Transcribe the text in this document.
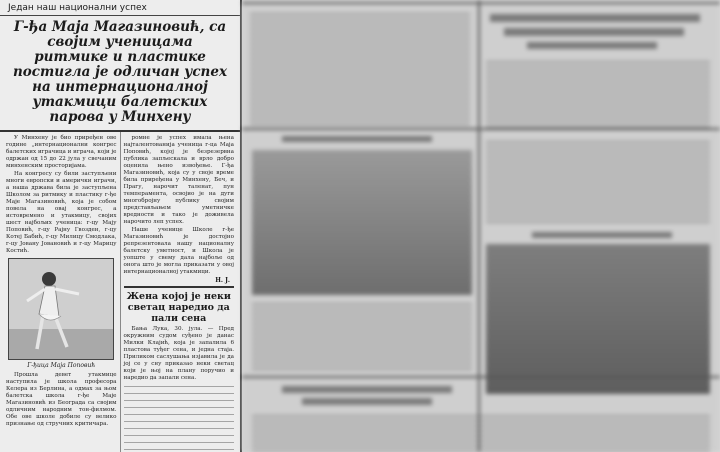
Један наш национални успех
Г-ђа Маја Магазиновић, са својим ученицама ритмике и пластике постигла је одличан успех на интернационалној утакмици балетских парова у Минхену
У Минхену је био приређен ове године „интернационални конгрес балетских играчица и играча, који је одржан од 15 до 22 јула у свечаним минхенским просторијама.
На конгресу су били заступљени многи европски и амерички играчи, а наша држава била је заступљена Школом за ритмику и пластику г-ђе Маје Магазиновић, која је собом повела на овај конгрес, а истовремено и утакмицу, својих шест најбољих ученица: г-цу Мају Поповић, г-цу Рајну Гвозден, г-цу Котеј Бабић, г-цу Милицу Смодлака, г-цу Јовану Јовановић и г-цу Марицу Костић.
Г-ђица Маја Поповић
Прошла девет утакмице наступила је школа професора Келера из Берлина, а одмах за њом балетска школа г-ђе Маје Магазиновић из Београда са својим одличним народним тон-филмом. Обе ове школе добиле су велико признање од стручних критичара.
ромне је успех имала њена најталентованија ученица г-ца Маја Поповић, којој је безрезервна публика запљескала и врло добро оценила њено извођење. Г-ђа Магазиновић, која су у своје време била приређена у Минхену, Беч, и Прагу, нарочит таленат, пун темперамента, освојио је на дуги многобројну публику својим представљањем уметничке вредности и тако је доживела нарочито леп успех.
Наше ученице Школе г-ђе Магазиновић је достојно репрезентовала нашу националну балетску уметност, и Школа је уопште у свему дала најбоље од онога што је могла приказати у овој интернационалној утакмици.
Н. Ј.
Жена којој је неки светац наредио да пали сена
Бања Лука, 30. јула. — Пред окружним судом суђено је данас Милки Клајић, која је запалила 6 пластова туђег сена, и једна стаја. Приликом саслушања изјавила је да јој се у сну приказао неки светац који је њој на плану поручио и наредио да запали сена.
